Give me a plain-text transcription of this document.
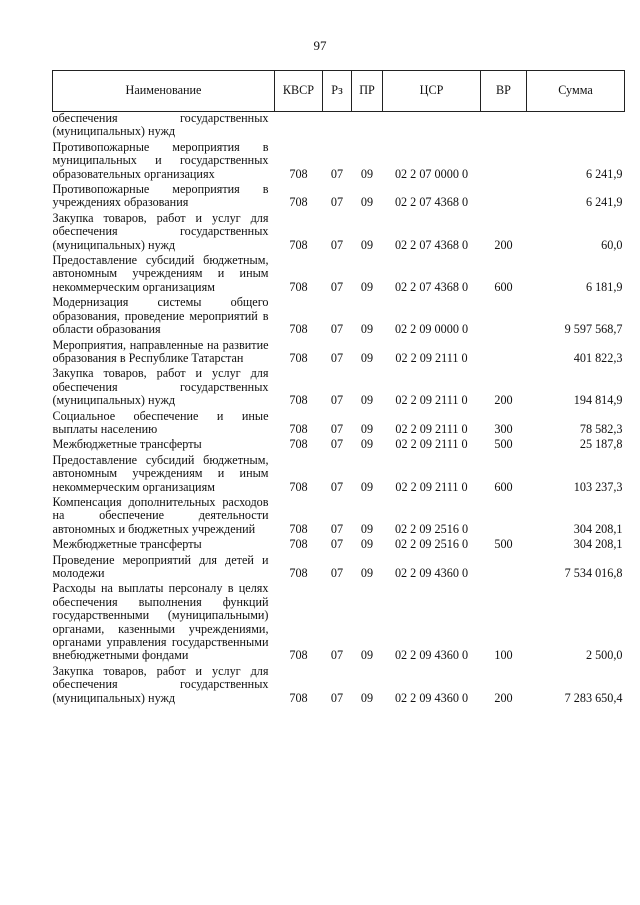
97
Наименование	КВСР	Рз	ПР	ЦСР	ВР	Сумма
обеспечения государственных (муниципальных) нужд						
Противопожарные мероприятия в муниципальных и государственных образовательных организациях	708	07	09	02 2 07 0000 0		6 241,9
Противопожарные мероприятия в учреждениях образования	708	07	09	02 2 07 4368 0		6 241,9
Закупка товаров, работ и услуг для обеспечения государственных (муниципальных) нужд	708	07	09	02 2 07 4368 0	200	60,0
Предоставление субсидий бюджетным, автономным учреждениям и иным некоммерческим организациям	708	07	09	02 2 07 4368 0	600	6 181,9
Модернизация системы общего образования, проведение мероприятий в области образования	708	07	09	02 2 09 0000 0		9 597 568,7
Мероприятия, направленные на развитие образования в Республике Татарстан	708	07	09	02 2 09 2111 0		401 822,3
Закупка товаров, работ и услуг для обеспечения государственных (муниципальных) нужд	708	07	09	02 2 09 2111 0	200	194 814,9
Социальное обеспечение и иные выплаты населению	708	07	09	02 2 09 2111 0	300	78 582,3
Межбюджетные трансферты	708	07	09	02 2 09 2111 0	500	25 187,8
Предоставление субсидий бюджетным, автономным учреждениям и иным некоммерческим организациям	708	07	09	02 2 09 2111 0	600	103 237,3
Компенсация дополнительных расходов на обеспечение деятельности автономных и бюджетных учреждений	708	07	09	02 2 09 2516 0		304 208,1
Межбюджетные трансферты	708	07	09	02 2 09 2516 0	500	304 208,1
Проведение мероприятий для детей и молодежи	708	07	09	02 2 09 4360 0		7 534 016,8
Расходы на выплаты персоналу в целях обеспечения выполнения функций государственными (муниципальными) органами, казенными учреждениями, органами управления государственными внебюджетными фондами	708	07	09	02 2 09 4360 0	100	2 500,0
Закупка товаров, работ и услуг для обеспечения государственных (муниципальных) нужд	708	07	09	02 2 09 4360 0	200	7 283 650,4
